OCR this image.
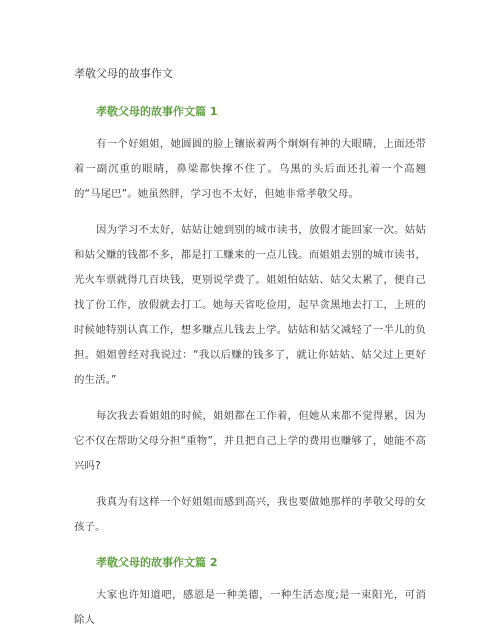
孝敬父母的故事作文
孝敬父母的故事作文篇 1

有一个好姐姐，她圆圆的脸上镶嵌着两个炯炯有神的大眼睛，上面还带着一副沉重的眼睛，鼻梁都快撑不住了。乌黑的头后面还扎着一个高翘的“马尾巴”。她虽然胖，学习也不太好，但她非常孝敬父母。

因为学习不太好，姑姑让她到别的城市读书，放假才能回家一次。姑姑和姑父赚的钱都不多，都是打工赚来的一点儿钱。而姐姐去别的城市读书，光火车票就得几百块钱，更别说学费了。姐姐怕姑姑、姑父太累了，便自己找了份工作，放假就去打工。她每天省吃俭用，起早贪黑地去打工，上班的时候她特别认真工作，想多赚点儿钱去上学。姑姑和姑父减轻了一半儿的负担。姐姐曾经对我说过：“我以后赚的钱多了，就让你姑姑、姑父过上更好的生活。”

每次我去看姐姐的时候，姐姐都在工作着，但她从来都不觉得累，因为它不仅在帮助父母分担“重物”，并且把自己上学的费用也赚够了，她能不高兴吗?

我真为有这样一个好姐姐而感到高兴，我也要做她那样的孝敬父母的女孩子。

孝敬父母的故事作文篇 2

大家也许知道吧，感恩是一种美德，一种生活态度;是一束阳光，可消除人
